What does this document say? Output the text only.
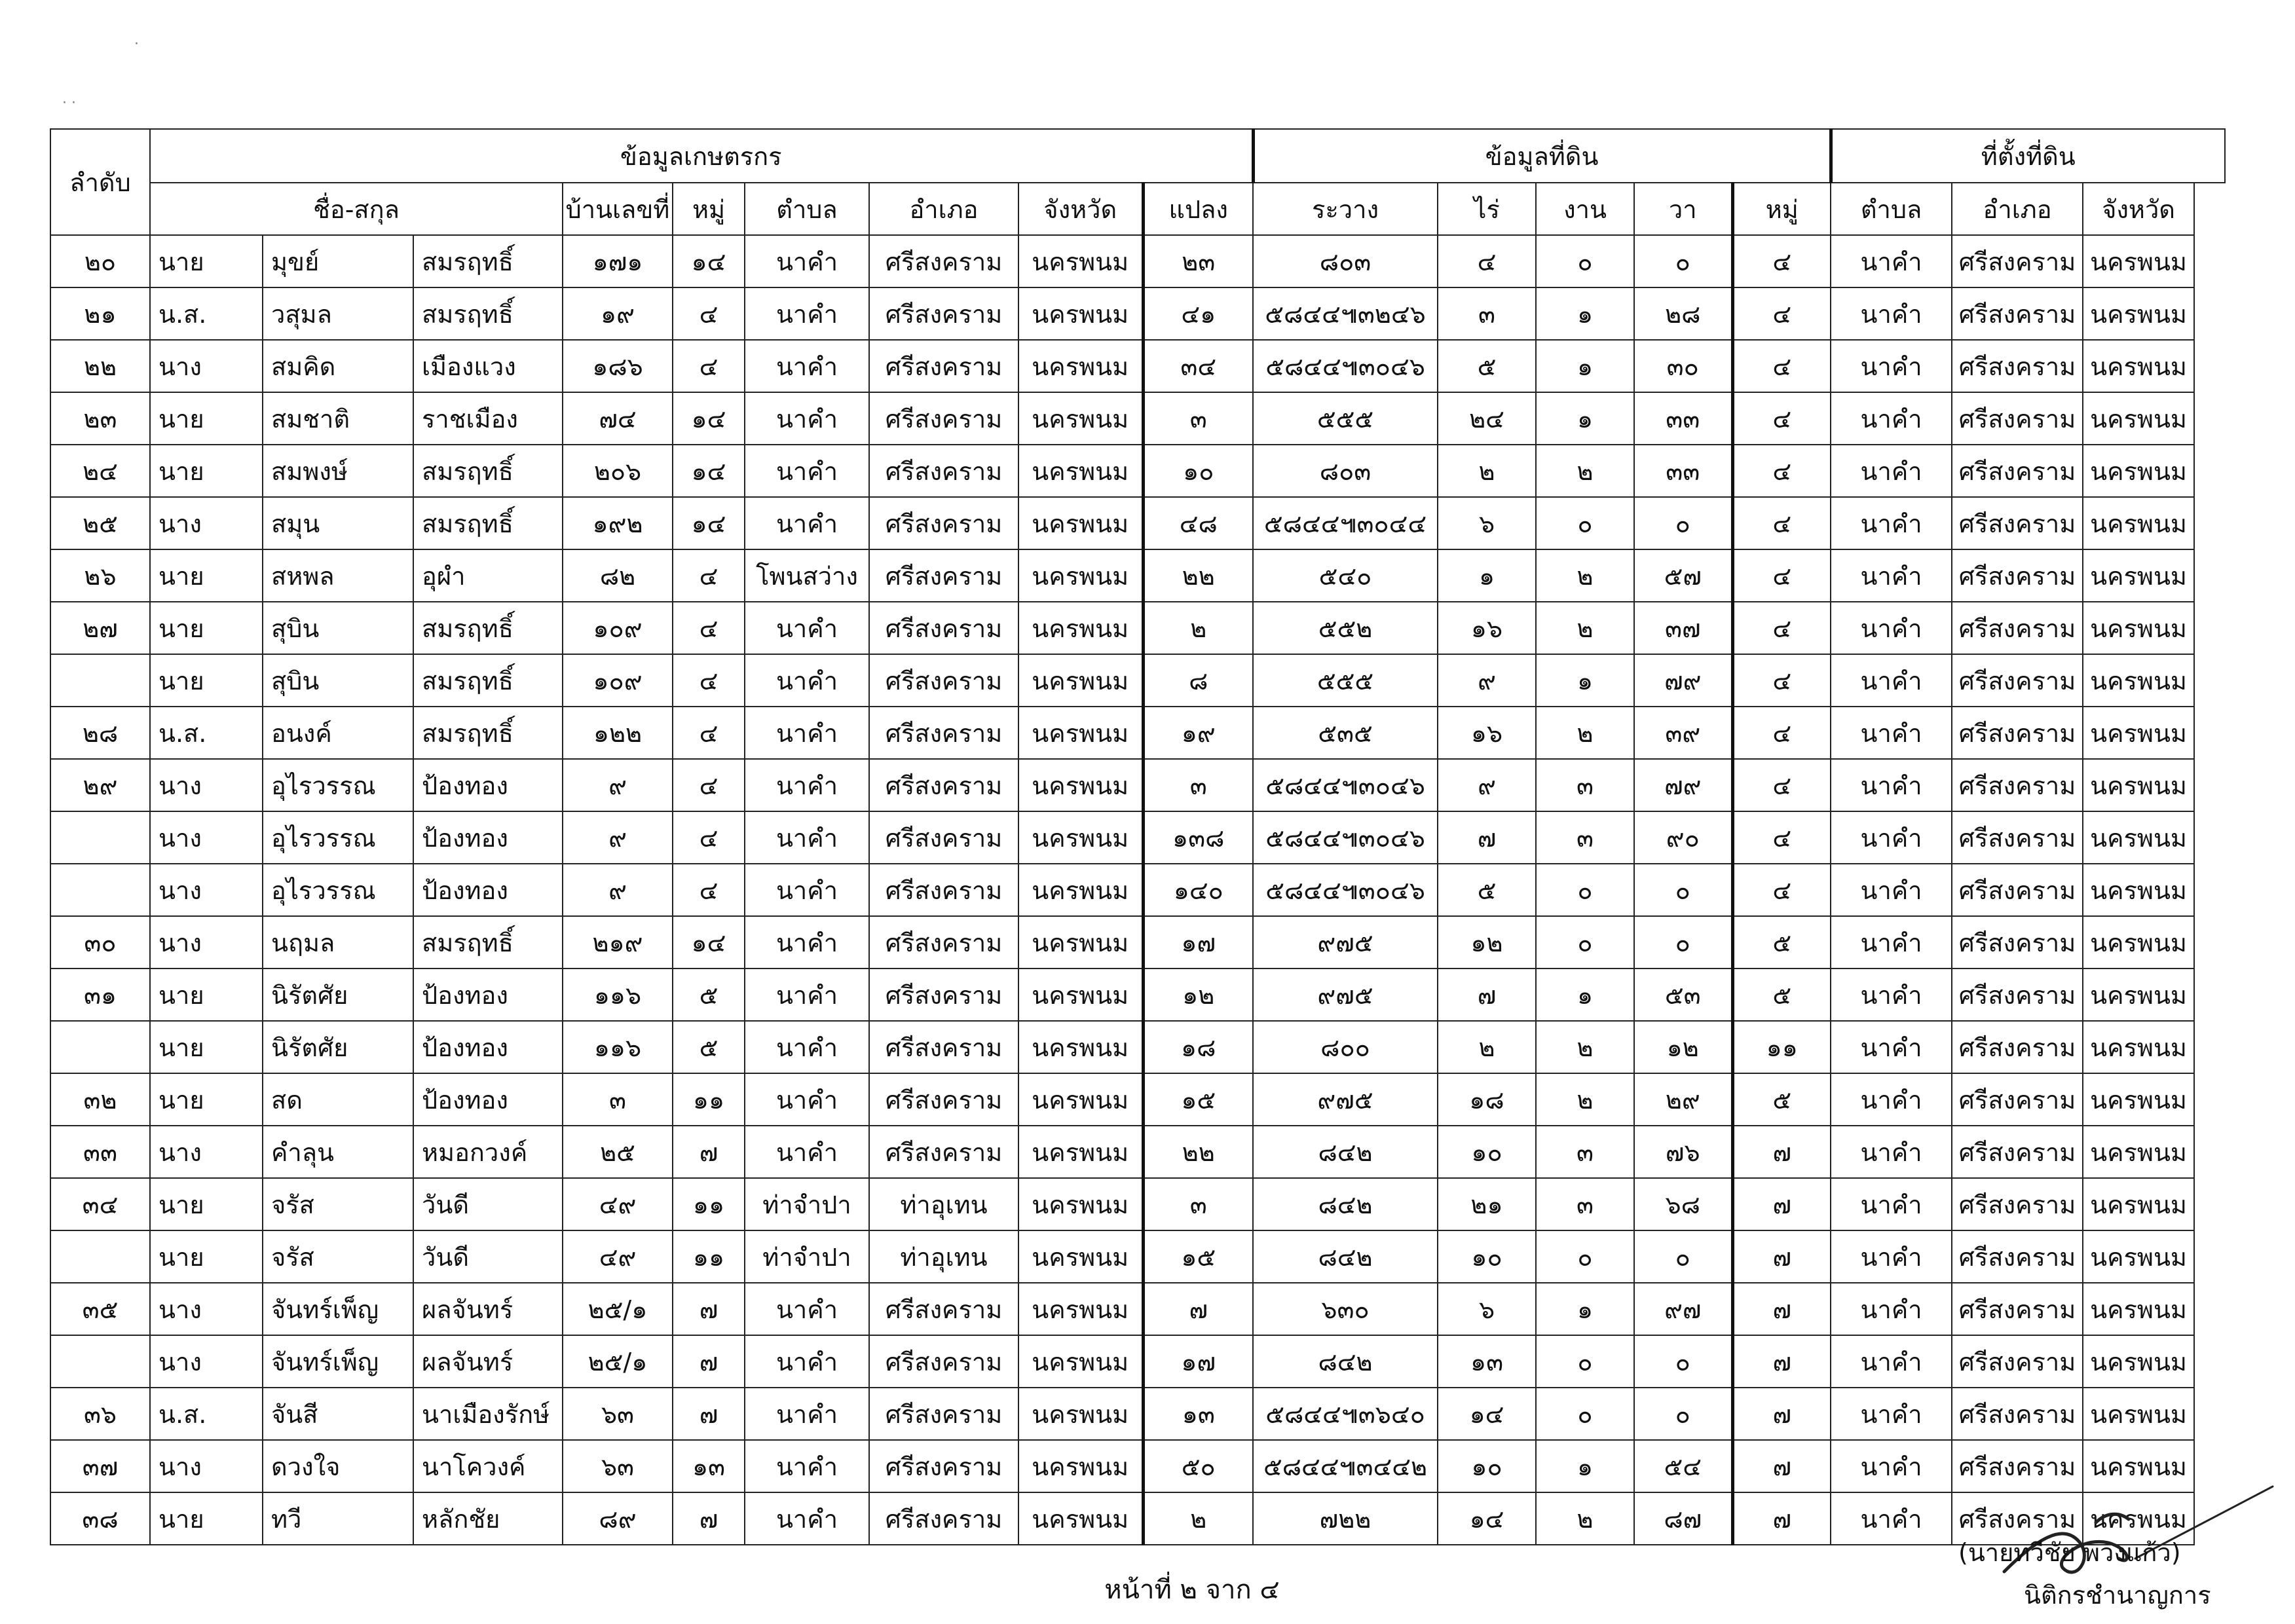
·
· ·
ลำดับ	ข้อมูลเกษตรกร									ข้อมูลที่ดิน					ที่ตั้งที่ดิน		
	ชื่อ-สกุล			บ้านเลขที่	หมู่	ตำบล	อำเภอ	จังหวัด	แปลง	ระวาง	ไร่	งาน	วา	หมู่	ตำบล	อำเภอ	จังหวัด
๒๐	นาย	มุขย์	สมรฤทธิ์	๑๗๑	๑๔	นาคำ	ศรีสงคราม	นครพนม	๒๓	๘๐๓	๔	๐	๐	๔	นาคำ	ศรีสงคราม	นครพนม
๒๑	น.ส.	วสุมล	สมรฤทธิ์	๑๙	๔	นาคำ	ศรีสงคราม	นครพนม	๔๑	๕๘๔๔๚๓๒๔๖	๓	๑	๒๘	๔	นาคำ	ศรีสงคราม	นครพนม
๒๒	นาง	สมคิด	เมืองแวง	๑๘๖	๔	นาคำ	ศรีสงคราม	นครพนม	๓๔	๕๘๔๔๚๓๐๔๖	๕	๑	๓๐	๔	นาคำ	ศรีสงคราม	นครพนม
๒๓	นาย	สมชาติ	ราชเมือง	๗๔	๑๔	นาคำ	ศรีสงคราม	นครพนม	๓	๕๕๕	๒๔	๑	๓๓	๔	นาคำ	ศรีสงคราม	นครพนม
๒๔	นาย	สมพงษ์	สมรฤทธิ์	๒๐๖	๑๔	นาคำ	ศรีสงคราม	นครพนม	๑๐	๘๐๓	๒	๒	๓๓	๔	นาคำ	ศรีสงคราม	นครพนม
๒๕	นาง	สมุน	สมรฤทธิ์	๑๙๒	๑๔	นาคำ	ศรีสงคราม	นครพนม	๔๘	๕๘๔๔๚๓๐๔๔	๖	๐	๐	๔	นาคำ	ศรีสงคราม	นครพนม
๒๖	นาย	สหพล	อุผำ	๘๒	๔	โพนสว่าง	ศรีสงคราม	นครพนม	๒๒	๕๔๐	๑	๒	๕๗	๔	นาคำ	ศรีสงคราม	นครพนม
๒๗	นาย	สุบิน	สมรฤทธิ์	๑๐๙	๔	นาคำ	ศรีสงคราม	นครพนม	๒	๕๕๒	๑๖	๒	๓๗	๔	นาคำ	ศรีสงคราม	นครพนม
	นาย	สุบิน	สมรฤทธิ์	๑๐๙	๔	นาคำ	ศรีสงคราม	นครพนม	๘	๕๕๕	๙	๑	๗๙	๔	นาคำ	ศรีสงคราม	นครพนม
๒๘	น.ส.	อนงค์	สมรฤทธิ์	๑๒๒	๔	นาคำ	ศรีสงคราม	นครพนม	๑๙	๕๓๕	๑๖	๒	๓๙	๔	นาคำ	ศรีสงคราม	นครพนม
๒๙	นาง	อุไรวรรณ	ป้องทอง	๙	๔	นาคำ	ศรีสงคราม	นครพนม	๓	๕๘๔๔๚๓๐๔๖	๙	๓	๗๙	๔	นาคำ	ศรีสงคราม	นครพนม
	นาง	อุไรวรรณ	ป้องทอง	๙	๔	นาคำ	ศรีสงคราม	นครพนม	๑๓๘	๕๘๔๔๚๓๐๔๖	๗	๓	๙๐	๔	นาคำ	ศรีสงคราม	นครพนม
	นาง	อุไรวรรณ	ป้องทอง	๙	๔	นาคำ	ศรีสงคราม	นครพนม	๑๔๐	๕๘๔๔๚๓๐๔๖	๕	๐	๐	๔	นาคำ	ศรีสงคราม	นครพนม
๓๐	นาง	นฤมล	สมรฤทธิ์	๒๑๙	๑๔	นาคำ	ศรีสงคราม	นครพนม	๑๗	๙๗๕	๑๒	๐	๐	๕	นาคำ	ศรีสงคราม	นครพนม
๓๑	นาย	นิรัตศัย	ป้องทอง	๑๑๖	๕	นาคำ	ศรีสงคราม	นครพนม	๑๒	๙๗๕	๗	๑	๕๓	๕	นาคำ	ศรีสงคราม	นครพนม
	นาย	นิรัตศัย	ป้องทอง	๑๑๖	๕	นาคำ	ศรีสงคราม	นครพนม	๑๘	๘๐๐	๒	๒	๑๒	๑๑	นาคำ	ศรีสงคราม	นครพนม
๓๒	นาย	สด	ป้องทอง	๓	๑๑	นาคำ	ศรีสงคราม	นครพนม	๑๕	๙๗๕	๑๘	๒	๒๙	๕	นาคำ	ศรีสงคราม	นครพนม
๓๓	นาง	คำลุน	หมอกวงค์	๒๕	๗	นาคำ	ศรีสงคราม	นครพนม	๒๒	๘๔๒	๑๐	๓	๗๖	๗	นาคำ	ศรีสงคราม	นครพนม
๓๔	นาย	จรัส	วันดี	๔๙	๑๑	ท่าจำปา	ท่าอุเทน	นครพนม	๓	๘๔๒	๒๑	๓	๖๘	๗	นาคำ	ศรีสงคราม	นครพนม
	นาย	จรัส	วันดี	๔๙	๑๑	ท่าจำปา	ท่าอุเทน	นครพนม	๑๕	๘๔๒	๑๐	๐	๐	๗	นาคำ	ศรีสงคราม	นครพนม
๓๕	นาง	จันทร์เพ็ญ	ผลจันทร์	๒๕/๑	๗	นาคำ	ศรีสงคราม	นครพนม	๗	๖๓๐	๖	๑	๙๗	๗	นาคำ	ศรีสงคราม	นครพนม
	นาง	จันทร์เพ็ญ	ผลจันทร์	๒๕/๑	๗	นาคำ	ศรีสงคราม	นครพนม	๑๗	๘๔๒	๑๓	๐	๐	๗	นาคำ	ศรีสงคราม	นครพนม
๓๖	น.ส.	จันสี	นาเมืองรักษ์	๖๓	๗	นาคำ	ศรีสงคราม	นครพนม	๑๓	๕๘๔๔๚๓๖๔๐	๑๔	๐	๐	๗	นาคำ	ศรีสงคราม	นครพนม
๓๗	นาง	ดวงใจ	นาโควงค์	๖๓	๑๓	นาคำ	ศรีสงคราม	นครพนม	๕๐	๕๘๔๔๚๓๔๔๒	๑๐	๑	๕๔	๗	นาคำ	ศรีสงคราม	นครพนม
๓๘	นาย	ทวี	หลักชัย	๘๙	๗	นาคำ	ศรีสงคราม	นครพนม	๒	๗๒๒	๑๔	๒	๘๗	๗	นาคำ	ศรีสงคราม	นครพนม
หน้าที่ ๒ จาก ๔
(นายทวีชัย พวงแก้ว)
นิติกรชำนาญการ
